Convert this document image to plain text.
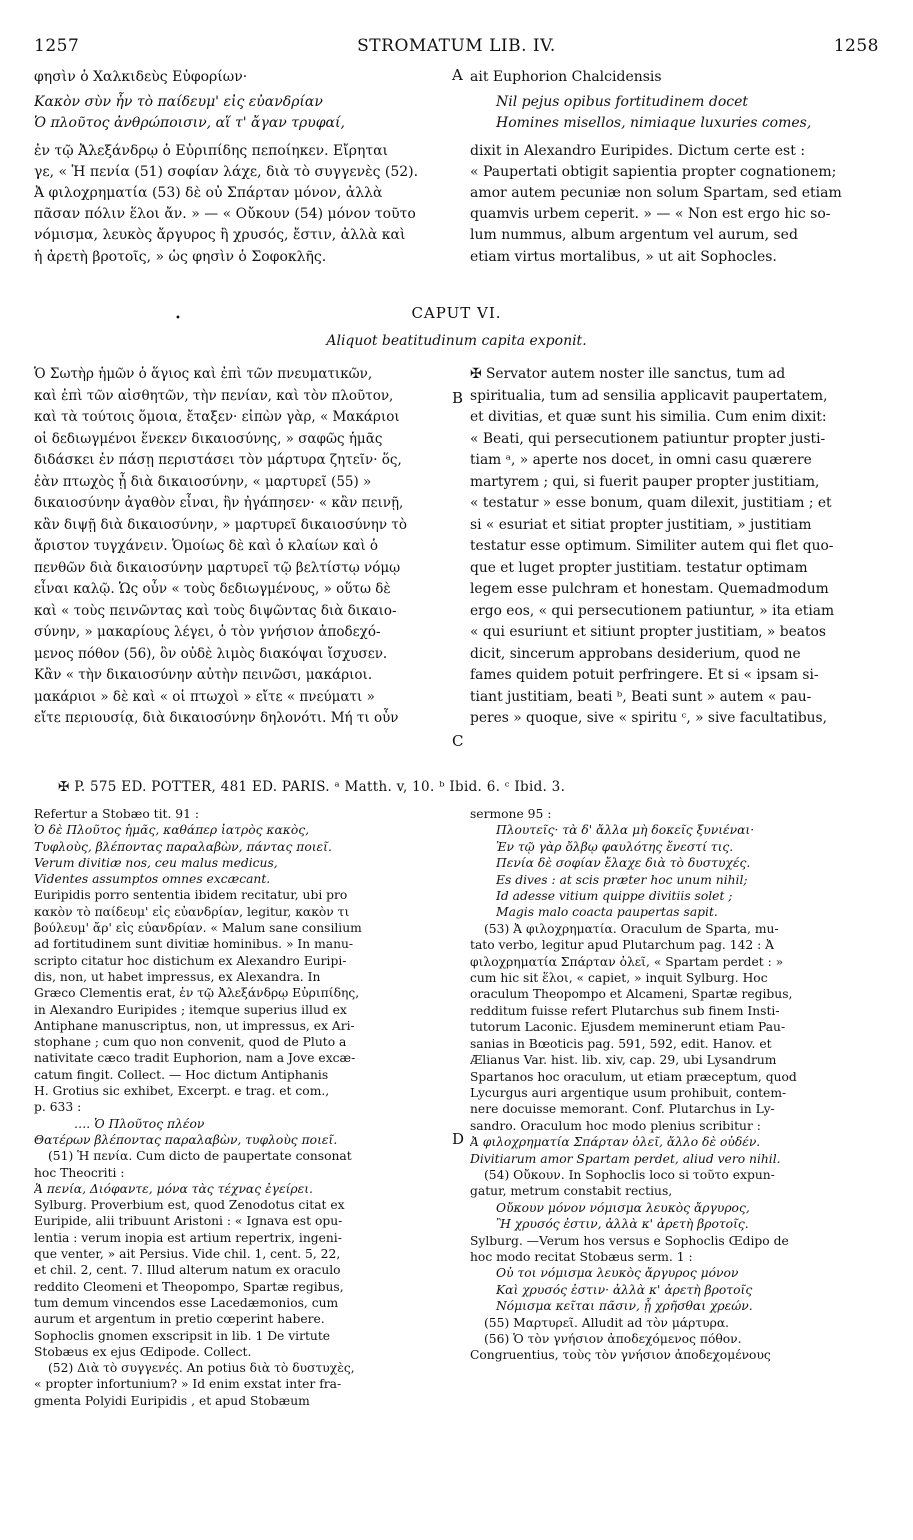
1257	STROMATUM LIB. IV.	1258

φησὶν ὁ Χαλκιδεὺς Εὐφορίων·

Κακὸν σὺν ἦν τὸ παίδευμ' εἰς εὐανδρίαν

Ὁ πλοῦτος ἀνθρώποισιν, αἵ τ' ἄγαν τρυφαί,

ἐν τῷ Ἀλεξάνδρῳ ὁ Εὐριπίδης πεποίηκεν. Εἴρηται

γε, « Ἡ πενία (51) σοφίαν λάχε, διὰ τὸ συγγενὲς (52).

Ἀ φιλοχρηματία (53) δὲ οὐ Σπάρταν μόνον, ἀλλὰ

πᾶσαν πόλιν ἕλοι ἄν. » — « Οὔκουν (54) μόνον τοῦτο

νόμισμα, λευκὸς ἄργυρος ἢ χρυσός, ἔστιν, ἀλλὰ καὶ

ἡ ἀρετὴ βροτοῖς, » ὡς φησὶν ὁ Σοφοκλῆς.

ait Euphorion Chalcidensis

Nil pejus opibus fortitudinem docet

Homines misellos, nimiaque luxuries comes,

dixit in Alexandro Euripides. Dictum certe est :

« Paupertati obtigit sapientia propter cognationem;

amor autem pecuniæ non solum Spartam, sed etiam

quamvis urbem ceperit. » — « Non est ergo hic so-

lum nummus, album argentum vel aurum, sed

etiam virtus mortalibus, » ut ait Sophocles.

A
•	CAPUT VI.
Aliquot beatitudinum capita exponit.

Ὁ Σωτὴρ ἡμῶν ὁ ἅγιος καὶ ἐπὶ τῶν πνευματικῶν,

καὶ ἐπὶ τῶν αἰσθητῶν, τὴν πενίαν, καὶ τὸν πλοῦτον,

καὶ τὰ τούτοις ὅμοια, ἔταξεν· εἰπὼν γὰρ, « Μακάριοι

οἱ δεδιωγμένοι ἕνεκεν δικαιοσύνης, » σαφῶς ἡμᾶς

διδάσκει ἐν πάσῃ περιστάσει τὸν μάρτυρα ζητεῖν· ὅς,

ἐὰν πτωχὸς ᾖ διὰ δικαιοσύνην, « μαρτυρεῖ (55) »

δικαιοσύνην ἀγαθὸν εἶναι, ἣν ἠγάπησεν· « κἂν πεινῇ,

κἂν διψῇ διὰ δικαιοσύνην, » μαρτυρεῖ δικαιοσύνην τὸ

ἄριστον τυγχάνειν. Ὁμοίως δὲ καὶ ὁ κλαίων καὶ ὁ

πενθῶν διὰ δικαιοσύνην μαρτυρεῖ τῷ βελτίστῳ νόμῳ

εἶναι καλῷ. Ὡς οὖν « τοὺς δεδιωγμένους, » οὕτω δὲ

καὶ « τοὺς πεινῶντας καὶ τοὺς διψῶντας διὰ δικαιο-

σύνην, » μακαρίους λέγει, ὁ τὸν γνήσιον ἀποδεχό-

μενος πόθον (56), ὃν οὐδὲ λιμὸς διακόψαι ἴσχυσεν.

Κἂν « τὴν δικαιοσύνην αὐτὴν πεινῶσι, μακάριοι.

μακάριοι » δὲ καὶ « οἱ πτωχοὶ » εἴτε « πνεύματι »

εἴτε περιουσίᾳ, διὰ δικαιοσύνην δηλονότι. Μή τι οὖν

✠ Servator autem noster ille sanctus, tum ad

spiritualia, tum ad sensilia applicavit paupertatem,

et divitias, et quæ sunt his similia. Cum enim dixit:

« Beati, qui persecutionem patiuntur propter justi-

tiam ᵃ, » aperte nos docet, in omni casu quærere

martyrem ; qui, si fuerit pauper propter justitiam,

« testatur » esse bonum, quam dilexit, justitiam ; et

si « esuriat et sitiat propter justitiam, » justitiam

testatur esse optimum. Similiter autem qui flet quo-

que et luget propter justitiam. testatur optimam

legem esse pulchram et honestam. Quemadmodum

ergo eos, « qui persecutionem patiuntur, » ita etiam

« qui esuriunt et sitiunt propter justitiam, » beatos

dicit, sincerum approbans desiderium, quod ne

fames quidem potuit perfringere. Et si « ipsam si-

tiant justitiam, beati ᵇ, Beati sunt » autem « pau-

peres » quoque, sive « spiritu ᶜ, » sive facultatibus,

B
C
✠ P. 575 ED. POTTER, 481 ED. PARIS. ᵃ Matth. v, 10. ᵇ Ibid. 6. ᶜ Ibid. 3.

Refertur a Stobæo tit. 91 :

Ὁ δὲ Πλοῦτος ἡμᾶς, καθάπερ ἰατρὸς κακὸς,

Τυφλοὺς, βλέποντας παραλαβὼν, πάντας ποιεῖ.

Verum divitiæ nos, ceu malus medicus,

Videntes assumptos omnes excæcant.

Euripidis porro sententia ibidem recitatur, ubi pro

κακὸν τὸ παίδευμ' εἰς εὐανδρίαν, legitur, κακὸν τι

βούλευμ' ἄρ' εἰς εὐανδρίαν. « Malum sane consilium

ad fortitudinem sunt divitiæ hominibus. » In manu-

scripto citatur hoc distichum ex Alexandro Euripi-

dis, non, ut habet impressus, ex Alexandra. In

Græco Clementis erat, ἐν τῷ Ἀλεξάνδρῳ Εὐριπίδης,

in Alexandro Euripides ; itemque superius illud ex

Antiphane manuscriptus, non, ut impressus, ex Ari-

stophane ; cum quo non convenit, quod de Pluto a

nativitate cæco tradit Euphorion, nam a Jove excæ-

catum fingit. Collect. — Hoc dictum Antiphanis

H. Grotius sic exhibet, Excerpt. e trag. et com.,

p. 633 :

…. Ὁ Πλοῦτος πλέον

Θατέρων βλέποντας παραλαβὼν, τυφλοὺς ποιεῖ.

(51) Ἡ πενία. Cum dicto de paupertate consonat

hoc Theocriti :

Ἁ πενία, Διόφαντε, μόνα τὰς τέχνας ἐγείρει.

Sylburg. Proverbium est, quod Zenodotus citat ex

Euripide, alii tribuunt Aristoni : « Ignava est opu-

lentia : verum inopia est artium repertrix, ingeni-

que venter, » ait Persius. Vide chil. 1, cent. 5, 22,

et chil. 2, cent. 7. Illud alterum natum ex oraculo

reddito Cleomeni et Theopompo, Spartæ regibus,

tum demum vincendos esse Lacedæmonios, cum

aurum et argentum in pretio cœperint habere.

Sophoclis gnomen exscripsit in lib. 1 De virtute

Stobæus ex ejus Œdipode. Collect.

(52) Διὰ τὸ συγγενές. An potius διὰ τὸ δυστυχὲς,

« propter infortunium? » Id enim exstat inter fra-

gmenta Polyidi Euripidis , et apud Stobæum

D

sermone 95 :

Πλουτεῖς· τὰ δ' ἄλλα μὴ δοκεῖς ξυνιέναι·

Ἐν τῷ γὰρ ὄλβῳ φαυλότης ἔνεστί τις.

Πενία δὲ σοφίαν ἔλαχε διὰ τὸ δυστυχές.

Es dives : at scis præter hoc unum nihil;

Id adesse vitium quippe divitiis solet ;

Magis malo coacta paupertas sapit.

(53) Ἀ φιλοχρηματία. Oraculum de Sparta, mu-

tato verbo, legitur apud Plutarchum pag. 142 : Ἀ

φιλοχρηματία Σπάρταν ὀλεῖ, « Spartam perdet : »

cum hic sit ἕλοι, « capiet, » inquit Sylburg. Hoc

oraculum Theopompo et Alcameni, Spartæ regibus,

redditum fuisse refert Plutarchus sub finem Insti-

tutorum Laconic. Ejusdem meminerunt etiam Pau-

sanias in Bœoticis pag. 591, 592, edit. Hanov. et

Ælianus Var. hist. lib. xiv, cap. 29, ubi Lysandrum

Spartanos hoc oraculum, ut etiam præceptum, quod

Lycurgus auri argentique usum prohibuit, contem-

nere docuisse memorant. Conf. Plutarchus in Ly-

sandro. Oraculum hoc modo plenius scribitur :

Ἀ φιλοχρηματία Σπάρταν ὀλεῖ, ἄλλο δὲ οὐδέν.

Divitiarum amor Spartam perdet, aliud vero nihil.

(54) Οὔκουν. In Sophoclis loco si τοῦτο expun-

gatur, metrum constabit rectius,

Οὔκουν μόνον νόμισμα λευκὸς ἄργυρος,

Ἢ χρυσός ἐστιν, ἀλλὰ κ' ἀρετὴ βροτοῖς.

Sylburg. —Verum hos versus e Sophoclis Œdipo de

hoc modo recitat Stobæus serm. 1 :

Οὐ τοι νόμισμα λευκὸς ἄργυρος μόνον

Καὶ χρυσός ἐστιν· ἀλλὰ κ' ἀρετὴ βροτοῖς

Νόμισμα κεῖται πᾶσιν, ᾗ χρῆσθαι χρεών.

(55) Μαρτυρεῖ. Alludit ad τὸν μάρτυρα.

(56) Ὁ τὸν γνήσιον ἀποδεχόμενος πόθον.

Congruentius, τοὺς τὸν γνήσιον ἀποδεχομένους
